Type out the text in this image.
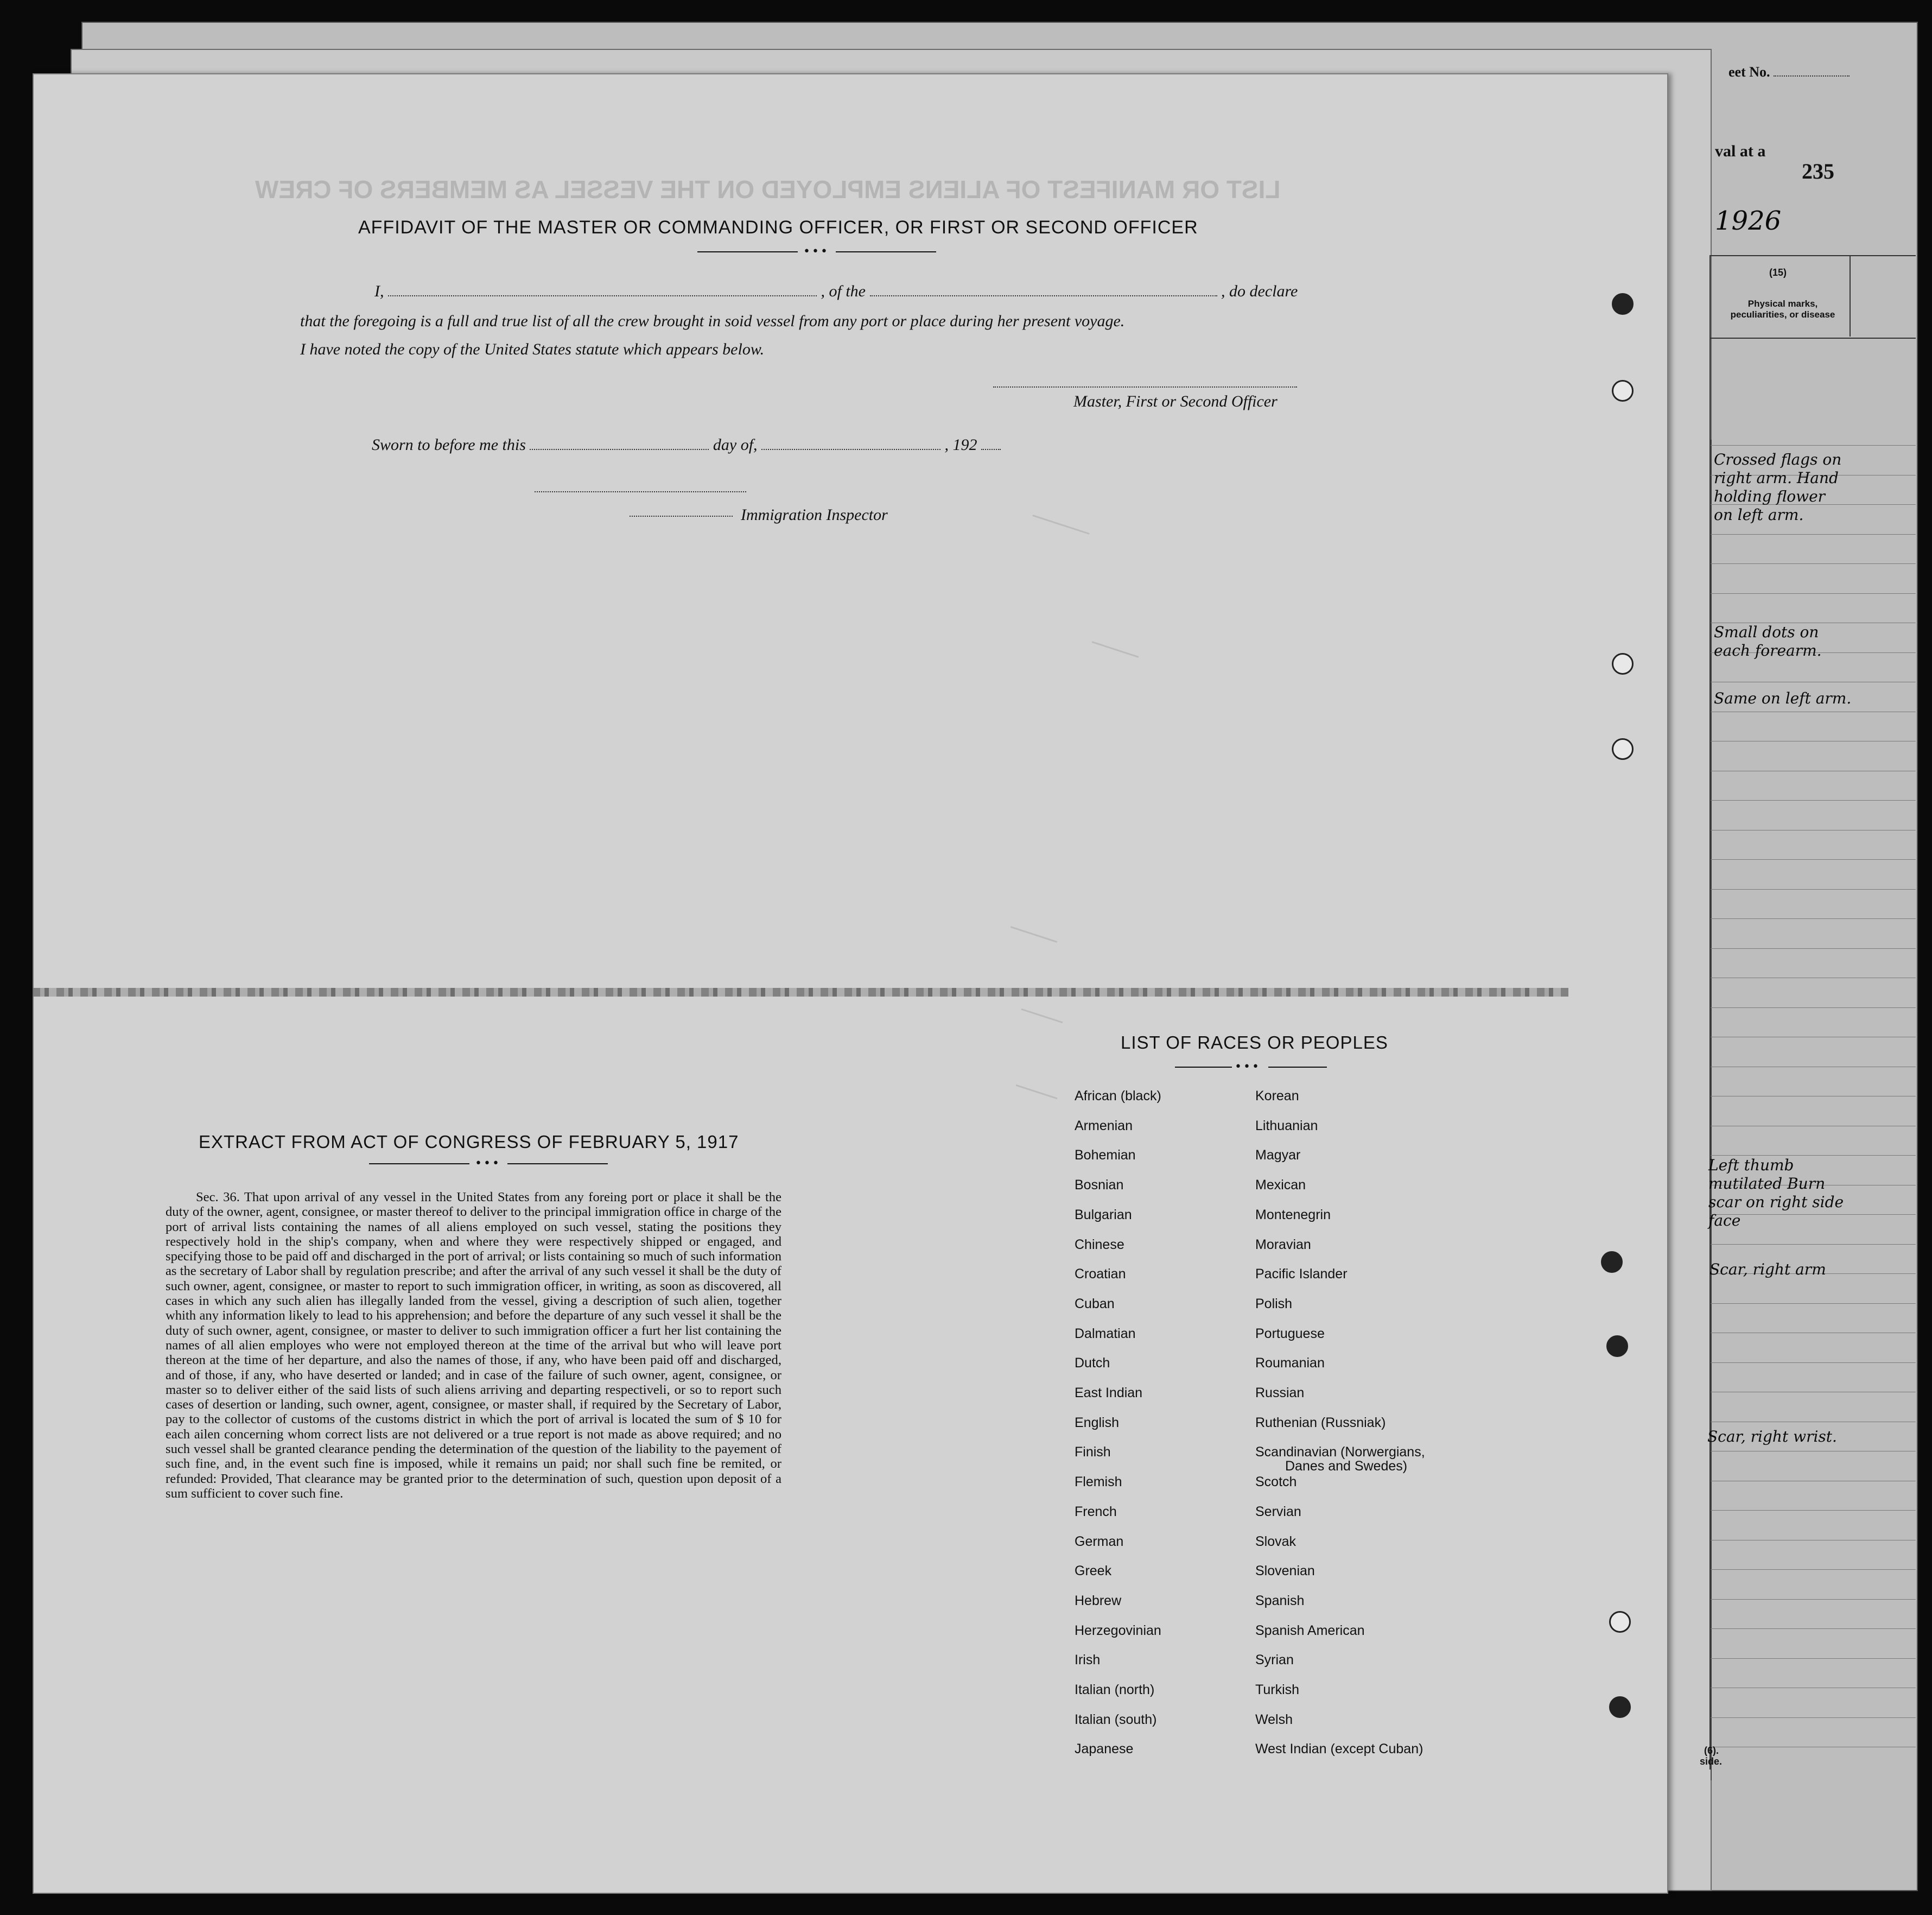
eet No.
val at a
235
1926
(15)
Physical marks, peculiarities, or disease
Crossed flags on right arm. Hand holding flower on left arm.
Small dots on each forearm.
Same on left arm.
Left thumb mutilated Burn scar on right side face
Scar, right arm
Scar, right wrist.
(6).
side.
LIST OR MANIFEST OF ALIENS EMPLOYED ON THE VESSEL AS MEMBERS OF CREW
AFFIDAVIT OF THE MASTER OR COMMANDING OFFICER, OR FIRST OR SECOND OFFICER
•••
I,	, of the	, do declare
that the foregoing is a full and true list of all the crew brought in soid vessel from any port or place during her present voyage.
I have noted the copy of the United States statute which appears below.
Master, First or Second Officer
Sworn to before me this	day of,	, 192
Immigration Inspector
EXTRACT FROM ACT OF CONGRESS OF FEBRUARY 5, 1917
•••
Sec. 36. That upon arrival of any vessel in the United States from any foreing port or place it shall be the duty of the owner, agent, consignee, or master thereof to deliver to the principal immigration office in charge of the port of arrival lists containing the names of all aliens employed on such vessel, stating the positions they respectively hold in the ship's company, when and where they were respectively shipped or engaged, and specifying those to be paid off and discharged in the port of arrival; or lists containing so much of such information as the secretary of Labor shall by regulation prescribe; and after the arrival of any such vessel it shall be the duty of such owner, agent, consignee, or master to report to such immigration officer, in writing, as soon as discovered, all cases in which any such alien has illegally landed from the vessel, giving a description of such alien, together whith any information likely to lead to his apprehension; and before the departure of any such vessel it shall be the duty of such owner, agent, consignee, or master to deliver to such immigration officer a furt her list containing the names of all alien employes who were not employed thereon at the time of the arrival but who will leave port thereon at the time of her departure, and also the names of those, if any, who have been paid off and discharged, and of those, if any, who have deserted or landed; and in case of the failure of such owner, agent, consignee, or master so to deliver either of the said lists of such aliens arriving and departing respectiveli, or so to report such cases of desertion or landing, such owner, agent, consignee, or master shall, if required by the Secretary of Labor, pay to the collector of customs of the customs district in which the port of arrival is located the sum of $ 10 for each ailen concerning whom correct lists are not delivered or a true report is not made as above required; and no such vessel shall be granted clearance pending the determination of the question of the liability to the payement of such fine, and, in the event such fine is imposed, while it remains un paid; nor shall such fine be remited, or refunded: Provided, That clearance may be granted prior to the determination of such, question upon deposit of a sum sufficient to cover such fine.
LIST OF RACES OR PEOPLES
•••
African (black)
Armenian
Bohemian
Bosnian
Bulgarian
Chinese
Croatian
Cuban
Dalmatian
Dutch
East Indian
English
Finish
Flemish
French
German
Greek
Hebrew
Herzegovinian
Irish
Italian (north)
Italian (south)
Japanese
Korean
Lithuanian
Magyar
Mexican
Montenegrin
Moravian
Pacific Islander
Polish
Portuguese
Roumanian
Russian
Ruthenian (Russniak)
Scandinavian (Norwergians,
Danes and Swedes)
Scotch
Servian
Slovak
Slovenian
Spanish
Spanish American
Syrian
Turkish
Welsh
West Indian (except Cuban)
